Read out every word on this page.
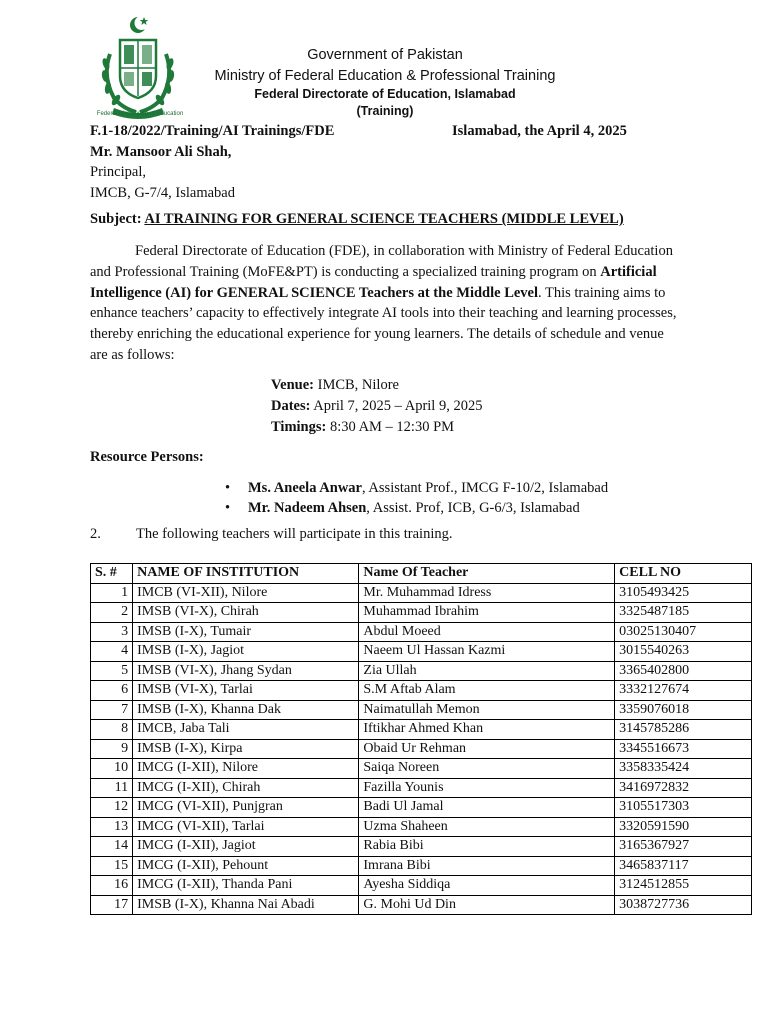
Federal Directorate of Education
Government of Pakistan
Ministry of Federal Education & Professional Training
Federal Directorate of Education, Islamabad
(Training)
F.1-18/2022/Training/AI Trainings/FDE	Islamabad, the April 4, 2025
Mr. Mansoor Ali Shah,
Principal,
IMCB, G-7/4, Islamabad
Subject: AI TRAINING FOR GENERAL SCIENCE TEACHERS (MIDDLE LEVEL)
Federal Directorate of Education (FDE), in collaboration with Ministry of Federal Education and Professional Training (MoFE&PT) is conducting a specialized training program on Artificial Intelligence (AI) for GENERAL SCIENCE Teachers at the Middle Level. This training aims to enhance teachers’ capacity to effectively integrate AI tools into their teaching and learning processes, thereby enriching the educational experience for young learners. The details of schedule and venue are as follows:
Venue: IMCB, Nilore
Dates: April 7, 2025 – April 9, 2025
Timings: 8:30 AM – 12:30 PM
Resource Persons:
• Ms. Aneela Anwar, Assistant Prof., IMCG F-10/2, Islamabad
• Mr. Nadeem Ahsen, Assist. Prof, ICB, G-6/3, Islamabad
2. The following teachers will participate in this training.
S. #	NAME OF INSTITUTION	Name Of Teacher	CELL NO
1	IMCB (VI-XII), Nilore	Mr. Muhammad Idress	3105493425
2	IMSB (VI-X), Chirah	Muhammad Ibrahim	3325487185
3	IMSB (I-X), Tumair	Abdul Moeed	03025130407
4	IMSB (I-X), Jagiot	Naeem Ul Hassan Kazmi	3015540263
5	IMSB (VI-X), Jhang Sydan	Zia Ullah	3365402800
6	IMSB (VI-X), Tarlai	S.M Aftab Alam	3332127674
7	IMSB (I-X), Khanna Dak	Naimatullah Memon	3359076018
8	IMCB, Jaba Tali	Iftikhar Ahmed Khan	3145785286
9	IMSB (I-X), Kirpa	Obaid Ur Rehman	3345516673
10	IMCG (I-XII), Nilore	Saiqa Noreen	3358335424
11	IMCG (I-XII), Chirah	Fazilla Younis	3416972832
12	IMCG (VI-XII), Punjgran	Badi Ul Jamal	3105517303
13	IMCG (VI-XII), Tarlai	Uzma Shaheen	3320591590
14	IMCG (I-XII), Jagiot	Rabia Bibi	3165367927
15	IMCG (I-XII), Pehount	Imrana Bibi	3465837117
16	IMCG (I-XII), Thanda Pani	Ayesha Siddiqa	3124512855
17	IMSB (I-X), Khanna Nai Abadi	G. Mohi Ud Din	3038727736
